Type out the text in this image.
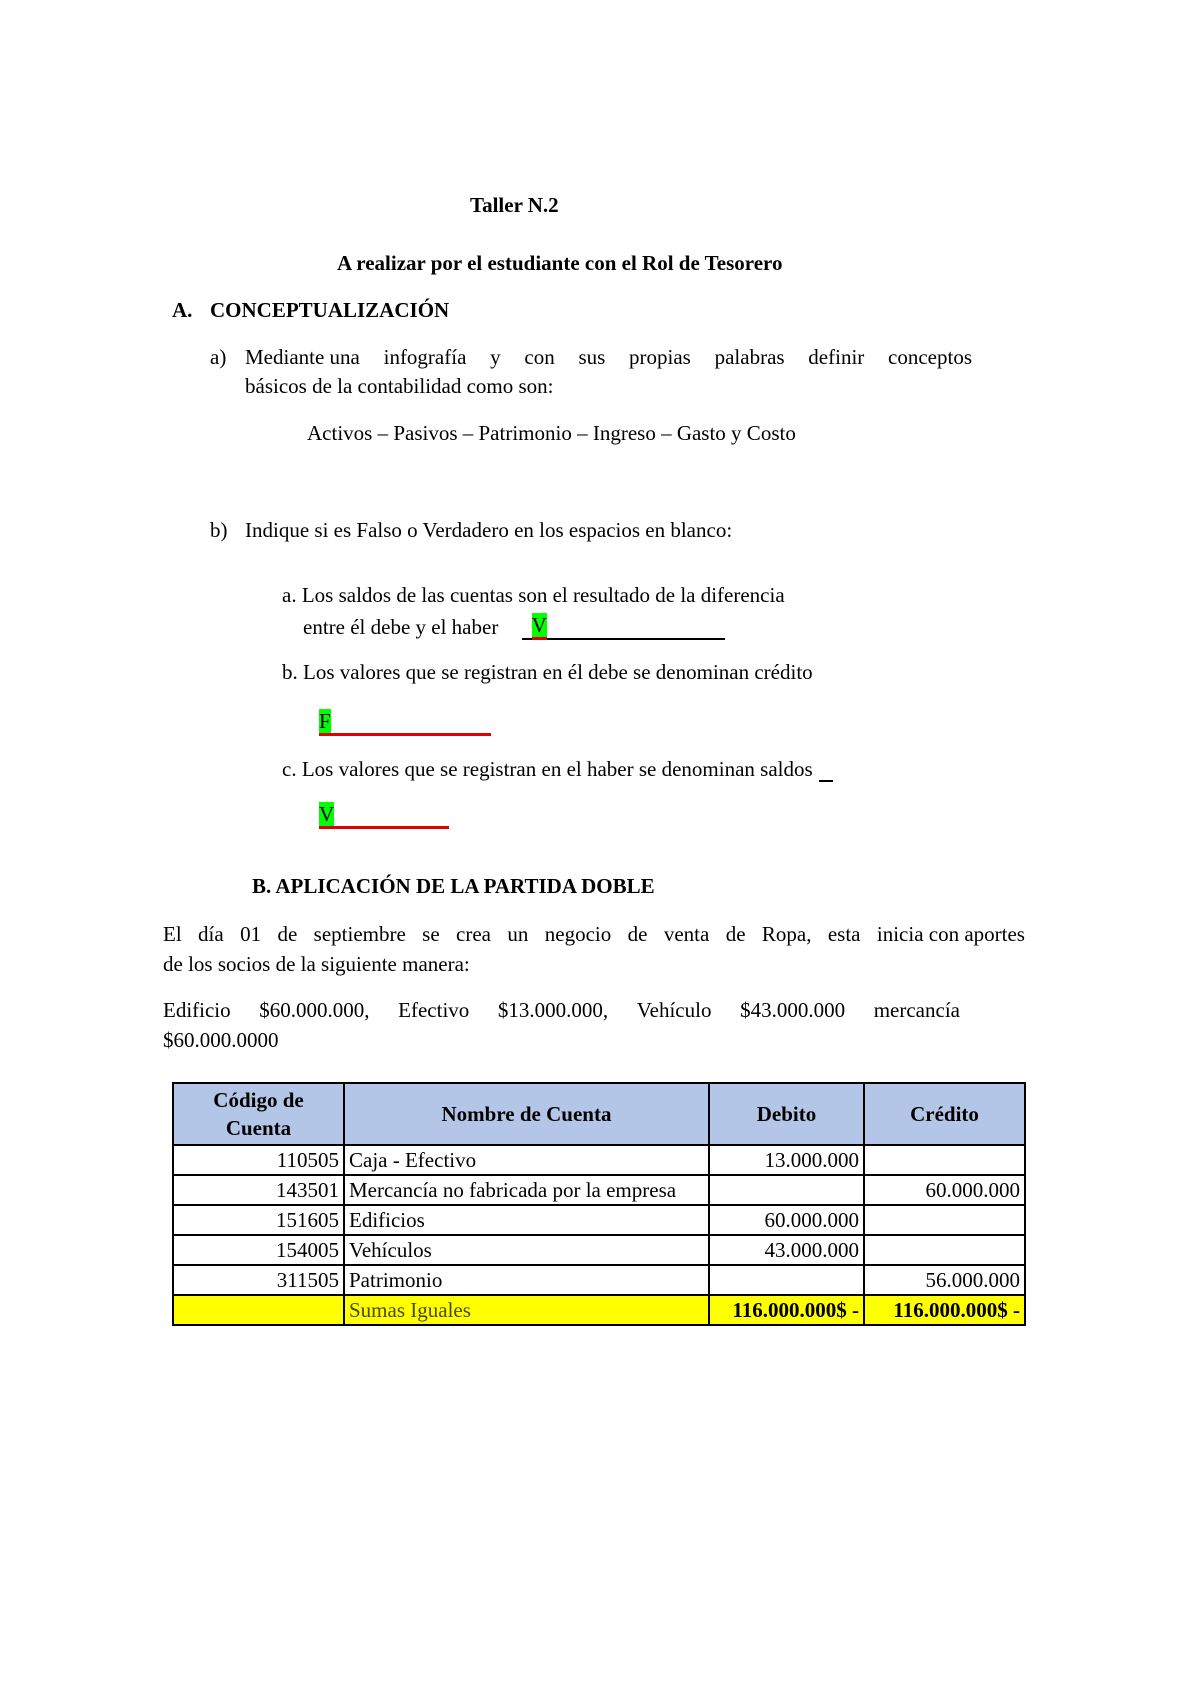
Taller N.2
A realizar por el estudiante con el Rol de Tesorero
A. CONCEPTUALIZACIÓN
a) Mediante una infografía y con sus propias palabras definir conceptos
básicos de la contabilidad como son:
Activos – Pasivos – Patrimonio – Ingreso – Gasto y Costo
b) Indique si es Falso o Verdadero en los espacios en blanco:
a. Los saldos de las cuentas son el resultado de la diferencia
entre él debe y el haber V
b. Los valores que se registran en él debe se denominan crédito
F
c. Los valores que se registran en el haber se denominan saldos
V
B. APLICACIÓN DE LA PARTIDA DOBLE
El día 01 de septiembre se crea un negocio de venta de Ropa, esta inicia con aportes
de los socios de la siguiente manera:
Edificio $60.000.000, Efectivo $13.000.000, Vehículo $43.000.000 mercancía
$60.000.0000
Código de Cuenta	Nombre de Cuenta	Debito	Crédito
110505	Caja - Efectivo	13.000.000	
143501	Mercancía no fabricada por la empresa		60.000.000
151605	Edificios	60.000.000	
154005	Vehículos	43.000.000	
311505	Patrimonio		56.000.000
	Sumas Iguales	116.000.000$ -	116.000.000$ -
